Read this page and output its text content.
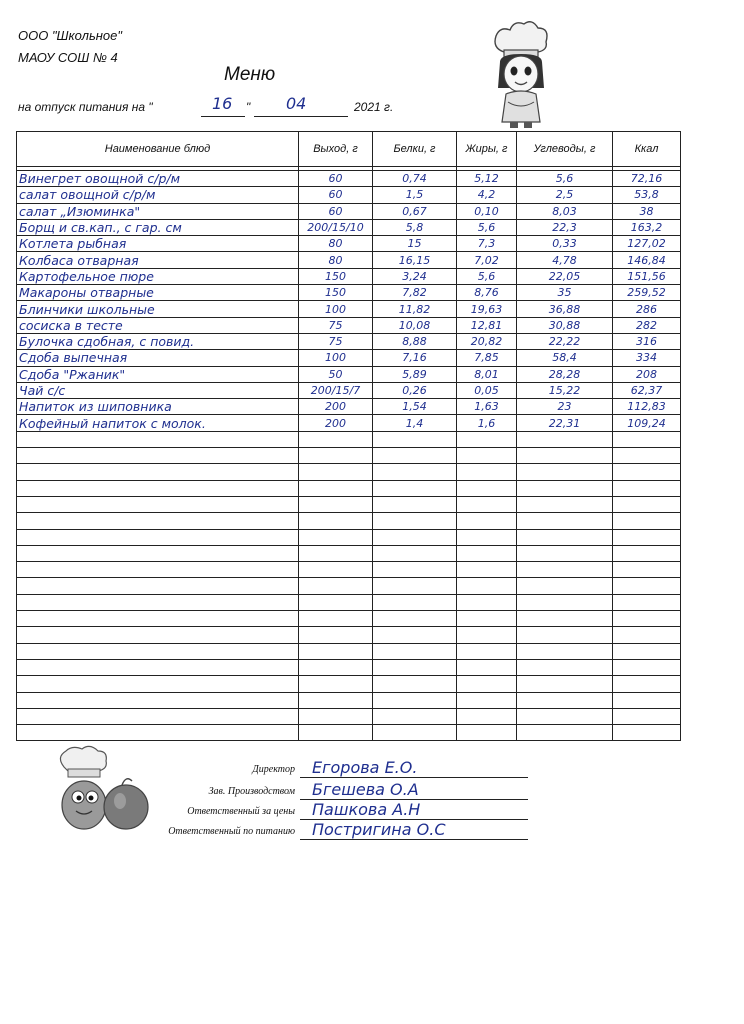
ООО "Школьное"
МАОУ СОШ № 4
Меню
на отпуск питания на "	16 " 04	2021 г.
Наименование блюд	Выход, г	Белки, г	Жиры, г	Углеводы, г	Ккал

Винегрет овощной с/р/м	60	0,74	5,12	5,6	72,16
салат овощной с/р/м	60	1,5	4,2	2,5	53,8
салат „Изюминка"	60	0,67	0,10	8,03	38
Борщ и св.кап., с гар. см	200/15/10	5,8	5,6	22,3	163,2
Котлета рыбная	80	15	7,3	0,33	127,02
Колбаса отварная	80	16,15	7,02	4,78	146,84
Картофельное пюре	150	3,24	5,6	22,05	151,56
Макароны отварные	150	7,82	8,76	35	259,52
Блинчики школьные	100	11,82	19,63	36,88	286
сосиска в тесте	75	10,08	12,81	30,88	282
Булочка сдобная, с повид.	75	8,88	20,82	22,22	316
Сдоба выпечная	100	7,16	7,85	58,4	334
Сдоба "Ржаник"	50	5,89	8,01	28,28	208
Чай с/с	200/15/7	0,26	0,05	15,22	62,37
Напиток из шиповника	200	1,54	1,63	23	112,83
Кофейный напиток с молок.	200	1,4	1,6	22,31	109,24

Директор Егорова Е.О.
Зав. Производством Бгешева О.А
Ответственный за цены Пашкова А.Н
Ответственный по питанию Постригина О.С
